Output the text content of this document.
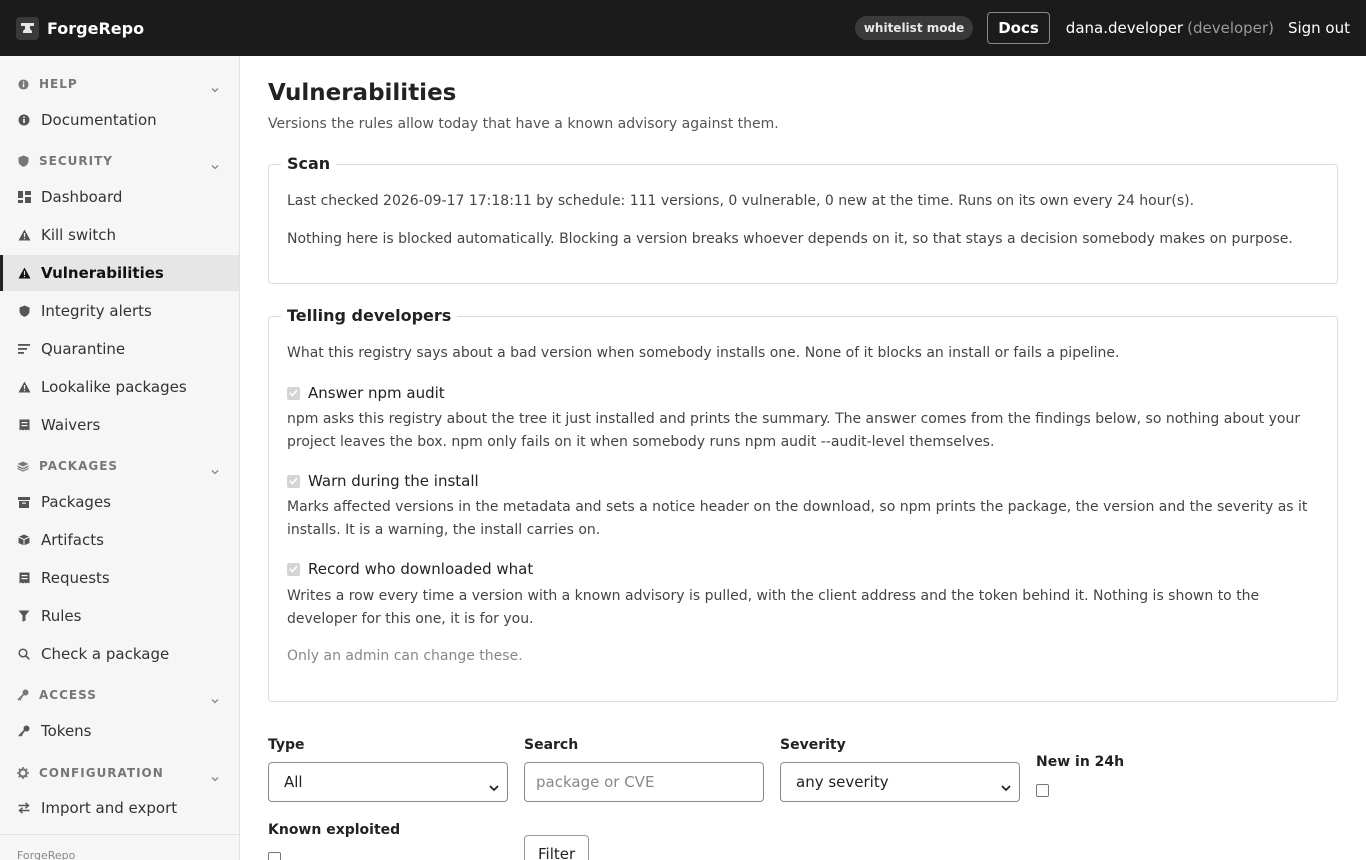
ForgeRepo	whitelist mode	Docs	dana.developer (developer) Sign out
HELP
Documentation
SECURITY
Dashboard
Kill switch
Vulnerabilities
Integrity alerts
Quarantine
Lookalike packages
Waivers
PACKAGES
Packages
Artifacts
Requests
Rules
Check a package
ACCESS
Tokens
CONFIGURATION
Import and export
ForgeRepo
Vulnerabilities

Versions the rules allow today that have a known advisory against them.

Scan

Last checked 2026-09-17 17:18:11 by schedule: 111 versions, 0 vulnerable, 0 new at the time. Runs on its own every 24 hour(s).

Nothing here is blocked automatically. Blocking a version breaks whoever depends on it, so that stays a decision somebody makes on purpose.

Telling developers

What this registry says about a bad version when somebody installs one. None of it blocks an install or fails a pipeline.

Answer npm audit

npm asks this registry about the tree it just installed and prints the summary. The answer comes from the findings below, so nothing about your project leaves the box. npm only fails on it when somebody runs npm audit --audit-level themselves.

Warn during the install

Marks affected versions in the metadata and sets a notice header on the download, so npm prints the package, the version and the severity as it installs. It is a warning, the install carries on.

Record who downloaded what

Writes a row every time a version with a known advisory is pulled, with the client address and the token behind it. Nothing is shown to the developer for this one, it is for you.

Only an admin can change these.

Type
All
Search
package or CVE	Severity
any severity
New in 24h
Known exploited
Filter
